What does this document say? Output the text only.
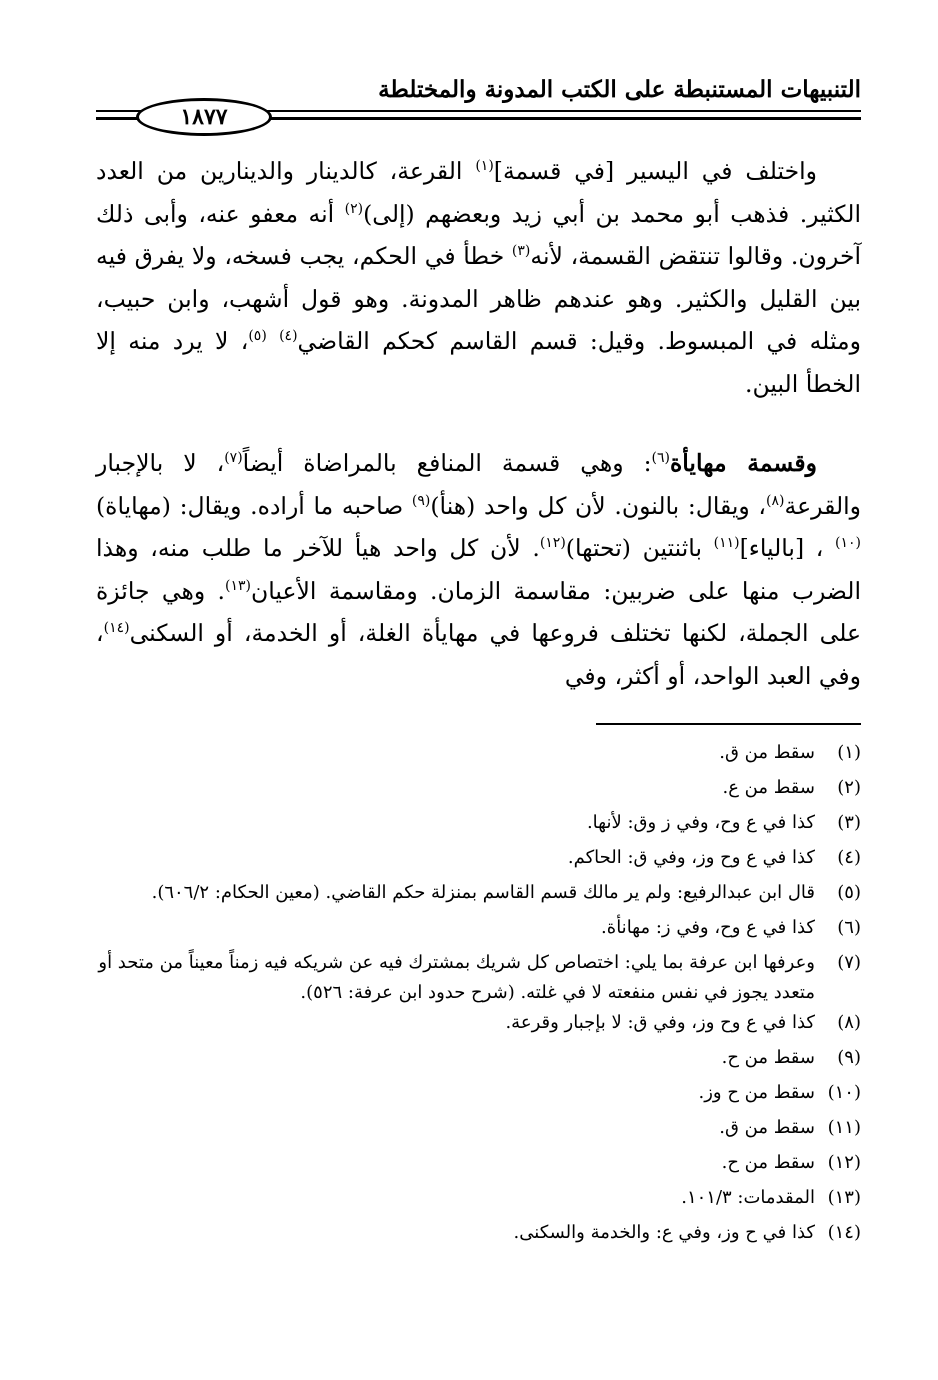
التنبيهات المستنبطة على الكتب المدونة والمختلطة
١٨٧٧

واختلف في اليسير [في قسمة]$^{(١)}$ القرعة، كالدينار والدينارين من العدد الكثير. فذهب أبو محمد بن أبي زيد وبعضهم (إلى)$^{(٢)}$ أنه معفو عنه، وأبى ذلك آخرون. وقالوا تنتقض القسمة، لأنه$^{(٣)}$ خطأ في الحكم، يجب فسخه، ولا يفرق فيه بين القليل والكثير. وهو عندهم ظاهر المدونة. وهو قول أشهب، وابن حبيب، ومثله في المبسوط. وقيل: قسم القاسم كحكم القاضي$^{(٤)}$ $^{(٥)}$، لا يرد منه إلا الخطأ البين.

وقسمة مهايأة$^{(٦)}$: وهي قسمة المنافع بالمراضاة أيضاً$^{(٧)}$، لا بالإجبار والقرعة$^{(٨)}$، ويقال: بالنون. لأن كل واحد (هنأ)$^{(٩)}$ صاحبه ما أراده. ويقال: (مهاياة)$^{(١٠)}$ ، [بالياء]$^{(١١)}$ باثنتين (تحتها)$^{(١٢)}$. لأن كل واحد هيأ للآخر ما طلب منه، وهذا الضرب منها على ضربين: مقاسمة الزمان. ومقاسمة الأعيان$^{(١٣)}$. وهي جائزة على الجملة، لكنها تختلف فروعها في مهايأة الغلة، أو الخدمة، أو السكنى$^{(١٤)}$، وفي العبد الواحد، أو أكثر، وفي

(١)
سقط من ق.
(٢)
سقط من ع.
(٣)
كذا في ع وح، وفي ز وق: لأنها.
(٤)
كذا في ع وح وز، وفي ق: الحاكم.
(٥)
قال ابن عبدالرفيع: ولم ير مالك قسم القاسم بمنزلة حكم القاضي. (معين الحكام: ٦٠٦/٢).
(٦)
كذا في ع وح، وفي ز: مهانأة.
(٧)
وعرفها ابن عرفة بما يلي: اختصاص كل شريك بمشترك فيه عن شريكه فيه زمناً معيناً من متحد أو متعدد يجوز في نفس منفعته لا في غلته. (شرح حدود ابن عرفة: ٥٢٦).
(٨)
كذا في ع وح وز، وفي ق: لا بإجبار وقرعة.
(٩)
سقط من ح.
(١٠)
سقط من ح وز.
(١١)
سقط من ق.
(١٢)
سقط من ح.
(١٣)
المقدمات: ١٠١/٣.
(١٤)
كذا في ح وز، وفي ع: والخدمة والسكنى.
